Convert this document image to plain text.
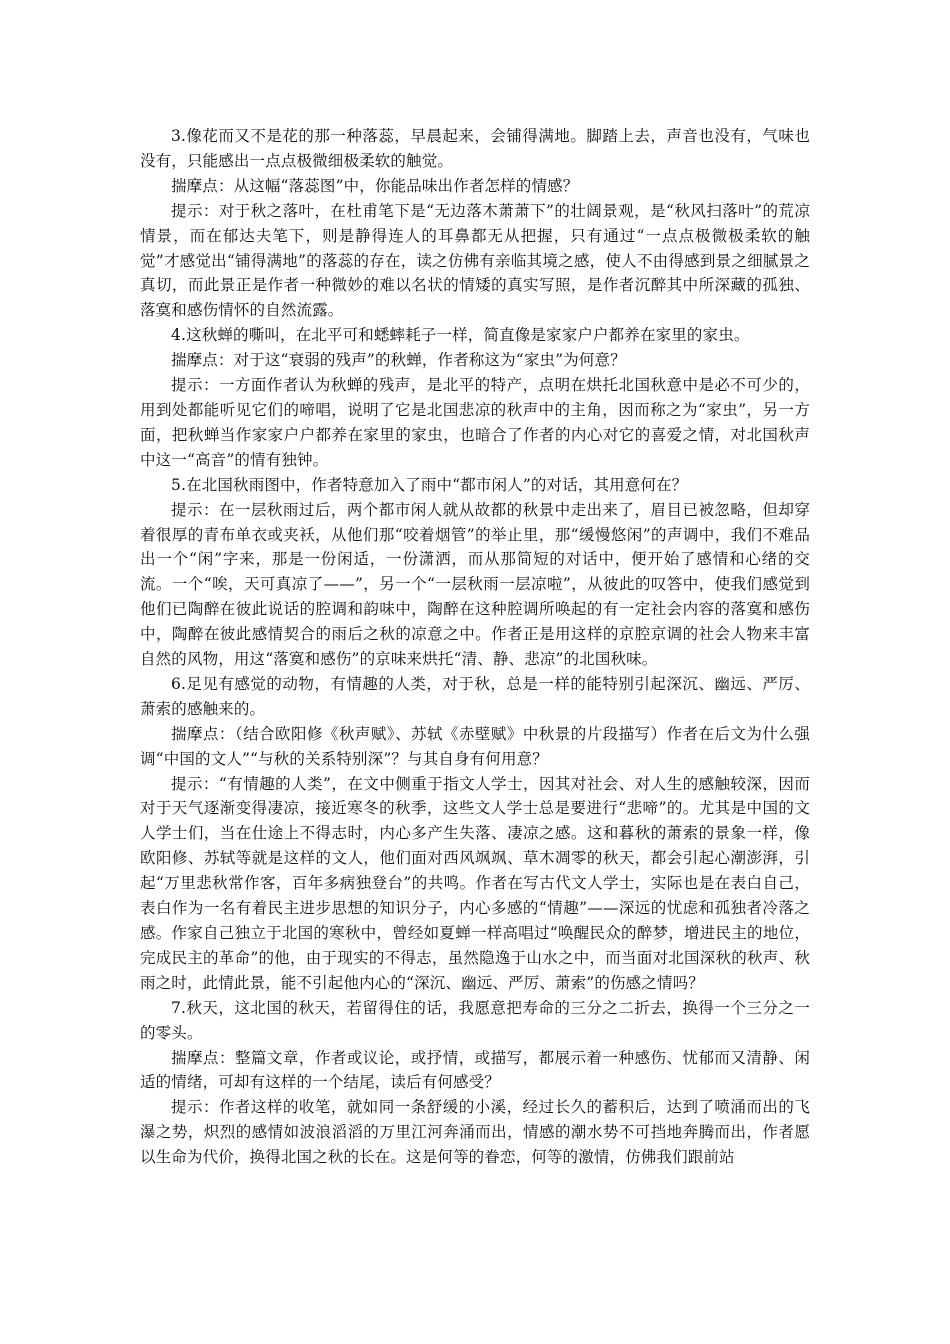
3.像花而又不是花的那一种落蕊，早晨起来，会铺得满地。脚踏上去，声音也没有，气味也没有，只能感出一点点极微细极柔软的触觉。

揣摩点：从这幅“落蕊图”中，你能品味出作者怎样的情感？

提示：对于秋之落叶，在杜甫笔下是“无边落木萧萧下”的壮阔景观，是“秋风扫落叶”的荒凉情景，而在郁达夫笔下，则是静得连人的耳鼻都无从把握，只有通过“一点点极微极柔软的触觉”才感觉出“铺得满地”的落蕊的存在，读之仿佛有亲临其境之感，使人不由得感到景之细腻景之真切，而此景正是作者一种微妙的难以名状的情矮的真实写照，是作者沉醉其中所深藏的孤独、落寞和感伤情怀的自然流露。

4.这秋蝉的嘶叫，在北平可和蟋蟀耗子一样，简直像是家家户户都养在家里的家虫。

揣摩点：对于这“衰弱的残声”的秋蝉，作者称这为“家虫”为何意？

提示：一方面作者认为秋蝉的残声，是北平的特产，点明在烘托北国秋意中是必不可少的，用到处都能听见它们的啼唱，说明了它是北国悲凉的秋声中的主角，因而称之为“家虫”，另一方面，把秋蝉当作家家户户都养在家里的家虫，也暗合了作者的内心对它的喜爱之情，对北国秋声中这一“高音”的情有独钟。

5.在北国秋雨图中，作者特意加入了雨中“都市闲人”的对话，其用意何在？

提示：在一层秋雨过后，两个都市闲人就从故都的秋景中走出来了，眉目已被忽略，但却穿着很厚的青布单衣或夹袄，从他们那“咬着烟管”的举止里，那“缓慢悠闲”的声调中，我们不难品出一个“闲”字来，那是一份闲适，一份潇洒，而从那简短的对话中，便开始了感情和心绪的交流。一个“唉，天可真凉了——”，另一个“一层秋雨一层凉啦”，从彼此的叹答中，使我们感觉到他们已陶醉在彼此说话的腔调和韵味中，陶醉在这种腔调所唤起的有一定社会内容的落寞和感伤中，陶醉在彼此感情契合的雨后之秋的凉意之中。作者正是用这样的京腔京调的社会人物来丰富自然的风物，用这“落寞和感伤”的京味来烘托“清、静、悲凉”的北国秋味。

6.足见有感觉的动物，有情趣的人类，对于秋，总是一样的能特别引起深沉、幽远、严厉、萧索的感触来的。

揣摩点：（结合欧阳修《秋声赋》、苏轼《赤壁赋》中秋景的片段描写）作者在后文为什么强调“中国的文人”“与秋的关系特别深”？与其自身有何用意？

提示：“有情趣的人类”，在文中侧重于指文人学士，因其对社会、对人生的感触较深，因而对于天气逐渐变得凄凉，接近寒冬的秋季，这些文人学士总是要进行“悲啼”的。尤其是中国的文人学士们，当在仕途上不得志时，内心多产生失落、凄凉之感。这和暮秋的萧索的景象一样，像欧阳修、苏轼等就是这样的文人，他们面对西风飒飒、草木凋零的秋天，都会引起心潮澎湃，引起“万里悲秋常作客，百年多病独登台”的共鸣。作者在写古代文人学士，实际也是在表白自己，表白作为一名有着民主进步思想的知识分子，内心多感的“情趣”——深远的忧虑和孤独者冷落之感。作家自己独立于北国的寒秋中，曾经如夏蝉一样高唱过“唤醒民众的醉梦，增进民主的地位，完成民主的革命”的他，由于现实的不得志，虽然隐逸于山水之中，而当面对北国深秋的秋声、秋雨之时，此情此景，能不引起他内心的“深沉、幽远、严厉、萧索”的伤感之情吗？

7.秋天，这北国的秋天，若留得住的话，我愿意把寿命的三分之二折去，换得一个三分之一的零头。

揣摩点：整篇文章，作者或议论，或抒情，或描写，都展示着一种感伤、忧郁而又清静、闲适的情绪，可却有这样的一个结尾，读后有何感受？

提示：作者这样的收笔，就如同一条舒缓的小溪，经过长久的蓄积后，达到了喷涌而出的飞瀑之势，炽烈的感情如波浪滔滔的万里江河奔涌而出，情感的潮水势不可挡地奔腾而出，作者愿以生命为代价，换得北国之秋的长在。这是何等的眷恋，何等的激情，仿佛我们跟前站
